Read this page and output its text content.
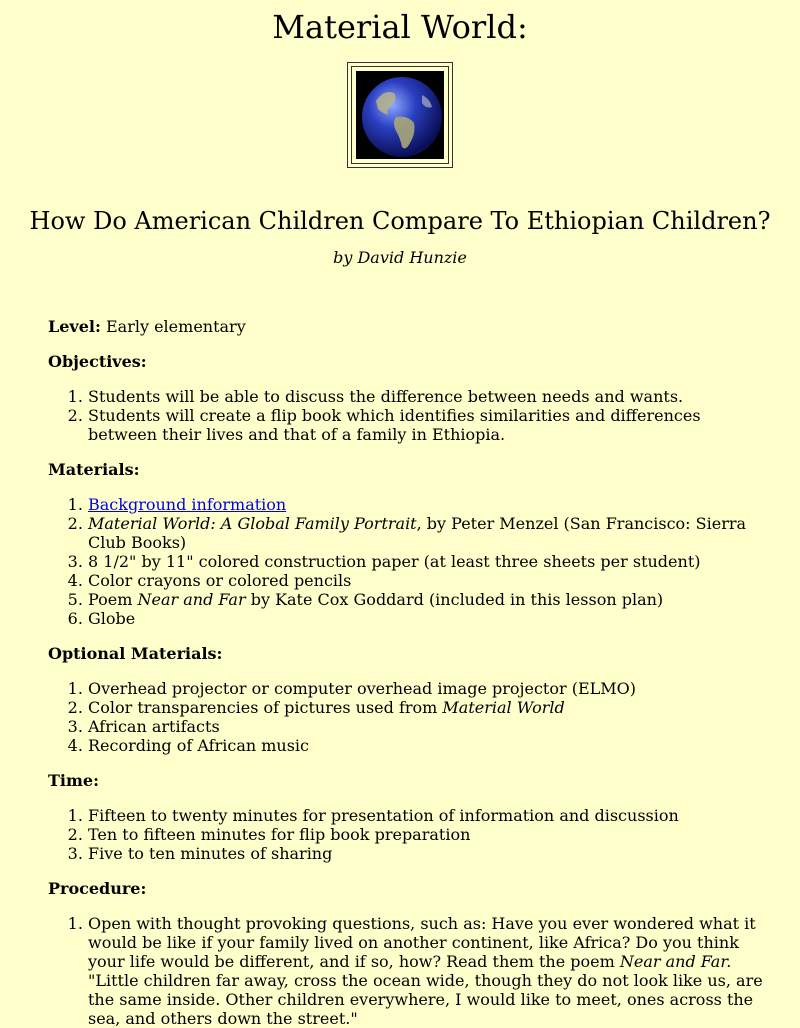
Material World:
How Do American Children Compare To Ethiopian Children?
by David Hunzie

Level: Early elementary

Objectives:

1. Students will be able to discuss the difference between needs and wants.
2. Students will create a flip book which identifies similarities and differences between their lives and that of a family in Ethiopia.

Materials:

1. Background information
2. Material World: A Global Family Portrait, by Peter Menzel (San Francisco: Sierra Club Books)
3. 8 1/2" by 11" colored construction paper (at least three sheets per student)
4. Color crayons or colored pencils
5. Poem Near and Far by Kate Cox Goddard (included in this lesson plan)
6. Globe

Optional Materials:

1. Overhead projector or computer overhead image projector (ELMO)
2. Color transparencies of pictures used from Material World
3. African artifacts
4. Recording of African music

Time:

1. Fifteen to twenty minutes for presentation of information and discussion
2. Ten to fifteen minutes for flip book preparation
3. Five to ten minutes of sharing

Procedure:

1. Open with thought provoking questions, such as: Have you ever wondered what it would be like if your family lived on another continent, like Africa? Do you think your life would be different, and if so, how? Read them the poem Near and Far. "Little children far away, cross the ocean wide, though they do not look like us, are the same inside. Other children everywhere, I would like to meet, ones across the sea, and others down the street."
